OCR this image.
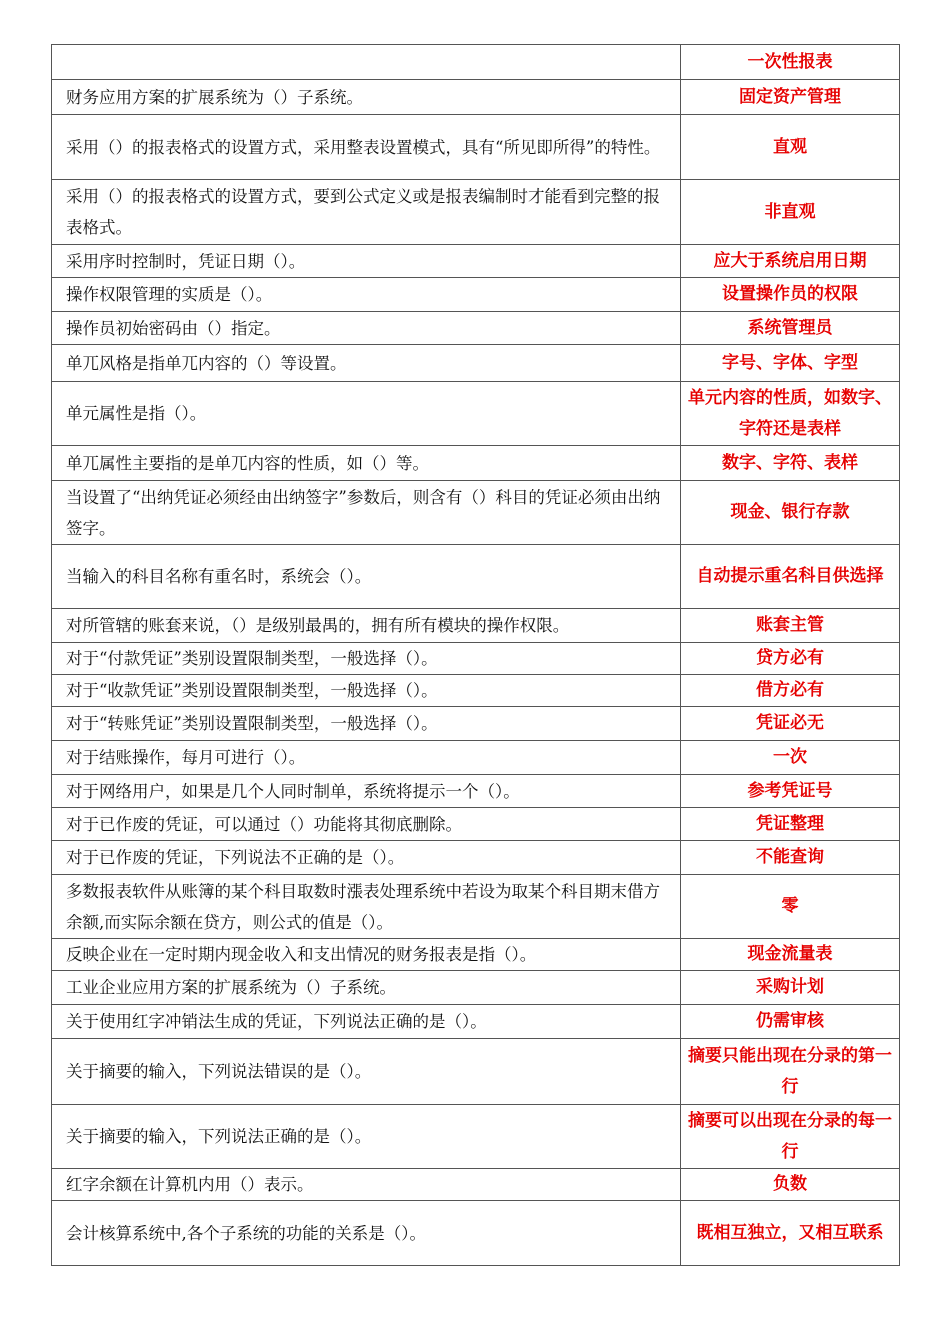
	一次性报表
财务应用方案的扩展系统为（）子系统。	固定资产管理
采用（）的报表格式的设置方式，采用整表设置模式，具有“所见即所得”的特性。	直观
采用（）的报表格式的设置方式，要到公式定义或是报表编制时才能看到完整的报表格式。	非直观
采用序时控制时，凭证日期（）。	应大于系统启用日期
操作权限管理的实质是（）。	设置操作员的权限
操作员初始密码由（）指定。	系统管理员
单兀风格是指单兀内容的（）等设置。	字号、字体、字型
单元属性是指（）。	单元内容的性质，如数字、字符还是表样
单兀属性主要指的是单兀内容的性质，如（）等。	数字、字符、表样
当设置了“出纳凭证必须经由出纳签字”参数后，则含有（）科目的凭证必须由出纳签字。	现金、银行存款
当输入的科目名称有重名时，系统会（）。	自动提示重名科目供选择
对所管辖的账套来说，（）是级别最禺的，拥有所有模块的操作权限。	账套主管
对于“付款凭证”类别设置限制类型，一般选择（）。	贷方必有
对于“收款凭证”类别设置限制类型，一般选择（）。	借方必有
对于“转账凭证”类别设置限制类型，一般选择（）。	凭证必无
对于结账操作，每月可进行（）。	一次
对于网络用户，如果是几个人同时制单，系统将提示一个（）。	参考凭证号
对于已作废的凭证，可以通过（）功能将其彻底删除。	凭证整理
对于已作废的凭证，下列说法不正确的是（）。	不能查询
多数报表软件从账簿的某个科目取数时漲表处理系统中若设为取某个科目期末借方余额,而实际余额在贷方，则公式的值是（）。	零
反映企业在一定时期内现金收入和支出情况的财务报表是指（）。	现金流量表
工业企业应用方案的扩展系统为（）子系统。	采购计划
关于使用红字冲销法生成的凭证，下列说法正确的是（）。	仍需审核
关于摘要的输入，下列说法错误的是（）。	摘要只能出现在分录的第一行
关于摘要的输入，下列说法正确的是（）。	摘要可以出现在分录的每一行
红字余额在计算机内用（）表示。	负数
会计核算系统中,各个子系统的功能的关系是（）。	既相互独立，又相互联系
